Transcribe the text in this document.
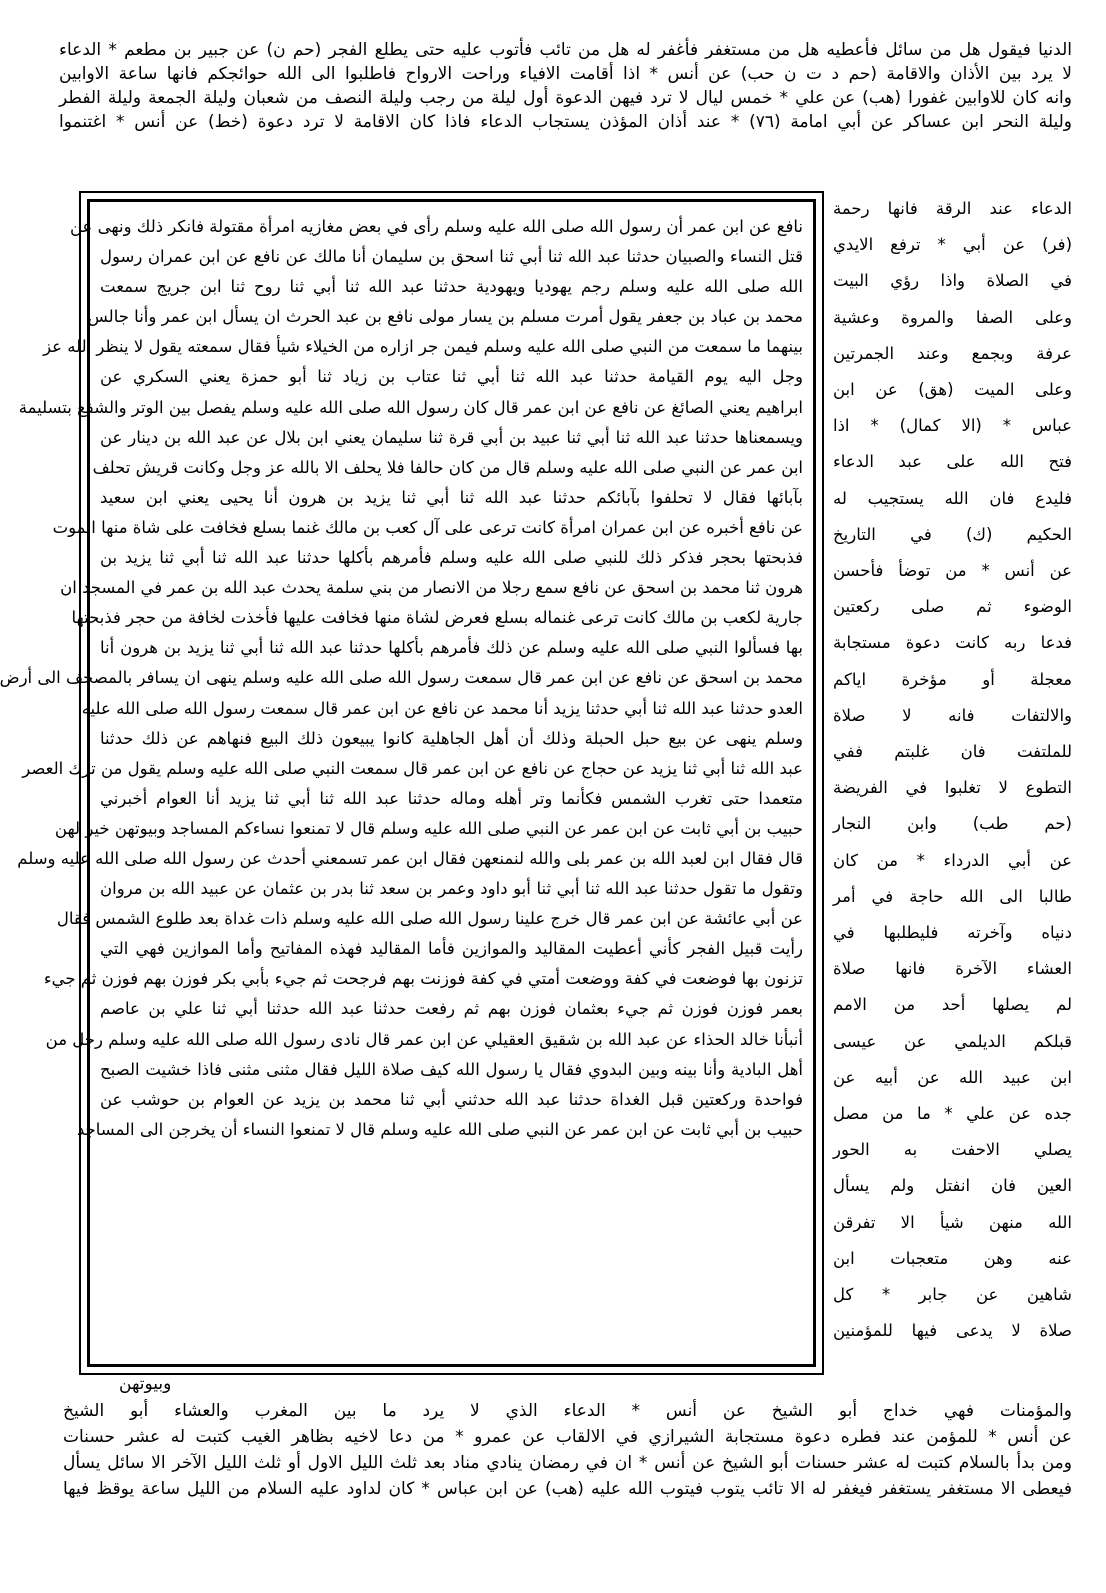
الدنيا فيقول هل من سائل فأعطيه هل من مستغفر فأغفر له هل من تائب فأتوب عليه حتى يطلع الفجر (حم ن) عن جبير بن مطعم * الدعاء

لا يرد بين الأذان والاقامة (حم د ت ن حب) عن أنس * اذا أقامت الافياء وراحت الارواح فاطلبوا الى الله حوائجكم فانها ساعة الاوابين

وانه كان للاوابين غفورا (هب) عن علي * خمس ليال لا ترد فيهن الدعوة أول ليلة من رجب وليلة النصف من شعبان وليلة الجمعة وليلة الفطر

وليلة النحر ابن عساكر عن أبي امامة (٧٦) * عند أذان المؤذن يستجاب الدعاء فاذا كان الاقامة لا ترد دعوة (خط) عن أنس * اغتنموا

نافع عن ابن عمر أن رسول الله صلى الله عليه وسلم رأى في بعض مغازيه امرأة مقتولة فانكر ذلك ونهى عن
قتل النساء والصبيان حدثنا عبد الله ثنا أبي ثنا اسحق بن سليمان أنا مالك عن نافع عن ابن عمران رسول
الله صلى الله عليه وسلم رجم يهوديا ويهودية حدثنا عبد الله ثنا أبي ثنا روح ثنا ابن جريج سمعت
محمد بن عباد بن جعفر يقول أمرت مسلم بن يسار مولى نافع بن عبد الحرث ان يسأل ابن عمر وأنا جالس
بينهما ما سمعت من النبي صلى الله عليه وسلم فيمن جر ازاره من الخيلاء شيأ فقال سمعته يقول لا ينظر الله عز
وجل اليه يوم القيامة حدثنا عبد الله ثنا أبي ثنا عتاب بن زياد ثنا أبو حمزة يعني السكري عن
ابراهيم يعني الصائغ عن نافع عن ابن عمر قال كان رسول الله صلى الله عليه وسلم يفصل بين الوتر والشفع بتسليمة
ويسمعناها حدثنا عبد الله ثنا أبي ثنا عبيد بن أبي قرة ثنا سليمان يعني ابن بلال عن عبد الله بن دينار عن
ابن عمر عن النبي صلى الله عليه وسلم قال من كان حالفا فلا يحلف الا بالله عز وجل وكانت قريش تحلف
بآبائها فقال لا تحلفوا بآبائكم حدثنا عبد الله ثنا أبي ثنا يزيد بن هرون أنا يحيى يعني ابن سعيد
عن نافع أخبره عن ابن عمران امرأة كانت ترعى على آل كعب بن مالك غنما بسلع فخافت على شاة منها الموت
فذبحتها بحجر فذكر ذلك للنبي صلى الله عليه وسلم فأمرهم بأكلها حدثنا عبد الله ثنا أبي ثنا يزيد بن
هرون ثنا محمد بن اسحق عن نافع سمع رجلا من الانصار من بني سلمة يحدث عبد الله بن عمر في المسجد ان
جارية لكعب بن مالك كانت ترعى غنماله بسلع فعرض لشاة منها فخافت عليها فأخذت لخافة من حجر فذبحتها
بها فسألوا النبي صلى الله عليه وسلم عن ذلك فأمرهم بأكلها حدثنا عبد الله ثنا أبي ثنا يزيد بن هرون أنا
محمد بن اسحق عن نافع عن ابن عمر قال سمعت رسول الله صلى الله عليه وسلم ينهى ان يسافر بالمصحف الى أرض
العدو حدثنا عبد الله ثنا أبي حدثنا يزيد أنا محمد عن نافع عن ابن عمر قال سمعت رسول الله صلى الله عليه
وسلم ينهى عن بيع حبل الحبلة وذلك أن أهل الجاهلية كانوا يبيعون ذلك البيع فنهاهم عن ذلك حدثنا
عبد الله ثنا أبي ثنا يزيد عن حجاج عن نافع عن ابن عمر قال سمعت النبي صلى الله عليه وسلم يقول من ترك العصر
متعمدا حتى تغرب الشمس فكأنما وتر أهله وماله حدثنا عبد الله ثنا أبي ثنا يزيد أنا العوام أخبرني
حبيب بن أبي ثابت عن ابن عمر عن النبي صلى الله عليه وسلم قال لا تمنعوا نساءكم المساجد وبيوتهن خير لهن
قال فقال ابن لعبد الله بن عمر بلى والله لنمنعهن فقال ابن عمر تسمعني أحدث عن رسول الله صلى الله عليه وسلم
وتقول ما تقول حدثنا عبد الله ثنا أبي ثنا أبو داود وعمر بن سعد ثنا بدر بن عثمان عن عبيد الله بن مروان
عن أبي عائشة عن ابن عمر قال خرج علينا رسول الله صلى الله عليه وسلم ذات غداة بعد طلوع الشمس فقال
رأيت قبيل الفجر كأني أعطيت المقاليد والموازين فأما المقاليد فهذه المفاتيح وأما الموازين فهي التي
تزنون بها فوضعت في كفة ووضعت أمتي في كفة فوزنت بهم فرجحت ثم جيء بأبي بكر فوزن بهم فوزن ثم جيء
بعمر فوزن فوزن ثم جيء بعثمان فوزن بهم ثم رفعت حدثنا عبد الله حدثنا أبي ثنا علي بن عاصم
أنبأنا خالد الحذاء عن عبد الله بن شقيق العقيلي عن ابن عمر قال نادى رسول الله صلى الله عليه وسلم رجل من
أهل البادية وأنا بينه وبين البدوي فقال يا رسول الله كيف صلاة الليل فقال مثنى مثنى فاذا خشيت الصبح
فواحدة وركعتين قبل الغداة حدثنا عبد الله حدثني أبي ثنا محمد بن يزيد عن العوام بن حوشب عن
حبيب بن أبي ثابت عن ابن عمر عن النبي صلى الله عليه وسلم قال لا تمنعوا النساء أن يخرجن الى المساجد

الدعاء عند الرقة فانها رحمة

(فر) عن أبي * ترفع الايدي

في الصلاة واذا رؤي البيت

وعلى الصفا والمروة وعشية

عرفة وبجمع وعند الجمرتين

وعلى الميت (هق) عن ابن

عباس * (الا كمال) * اذا

فتح الله على عبد الدعاء

فليدع فان الله يستجيب له

الحكيم (ك) في التاريخ

عن أنس * من توضأ فأحسن

الوضوء ثم صلى ركعتين

فدعا ربه كانت دعوة مستجابة

معجلة أو مؤخرة اياكم

والالتفات فانه لا صلاة

للملتفت فان غلبتم ففي

التطوع لا تغلبوا في الفريضة

(حم طب) وابن النجار

عن أبي الدرداء * من كان

طالبا الى الله حاجة في أمر

دنياه وآخرته فليطلبها في

العشاء الآخرة فانها صلاة

لم يصلها أحد من الامم

قبلكم الديلمي عن عيسى

ابن عبيد الله عن أبيه عن

جده عن علي * ما من مصل

يصلي الاحفت به الحور

العين فان انفتل ولم يسأل

الله منهن شيأ الا تفرقن

عنه وهن متعجبات ابن

شاهين عن جابر * كل

صلاة لا يدعى فيها للمؤمنين

وبيوتهن

والمؤمنات فهي خداج أبو الشيخ عن أنس * الدعاء الذي لا يرد ما بين المغرب والعشاء أبو الشيخ

عن أنس * للمؤمن عند فطره دعوة مستجابة الشيرازي في الالقاب عن عمرو * من دعا لاخيه بظاهر الغيب كتبت له عشر حسنات

ومن بدأ بالسلام كتبت له عشر حسنات أبو الشيخ عن أنس * ان في رمضان ينادي مناد بعد ثلث الليل الاول أو ثلث الليل الآخر الا سائل يسأل

فيعطى الا مستغفر يستغفر فيغفر له الا تائب يتوب فيتوب الله عليه (هب) عن ابن عباس * كان لداود عليه السلام من الليل ساعة يوقظ فيها
